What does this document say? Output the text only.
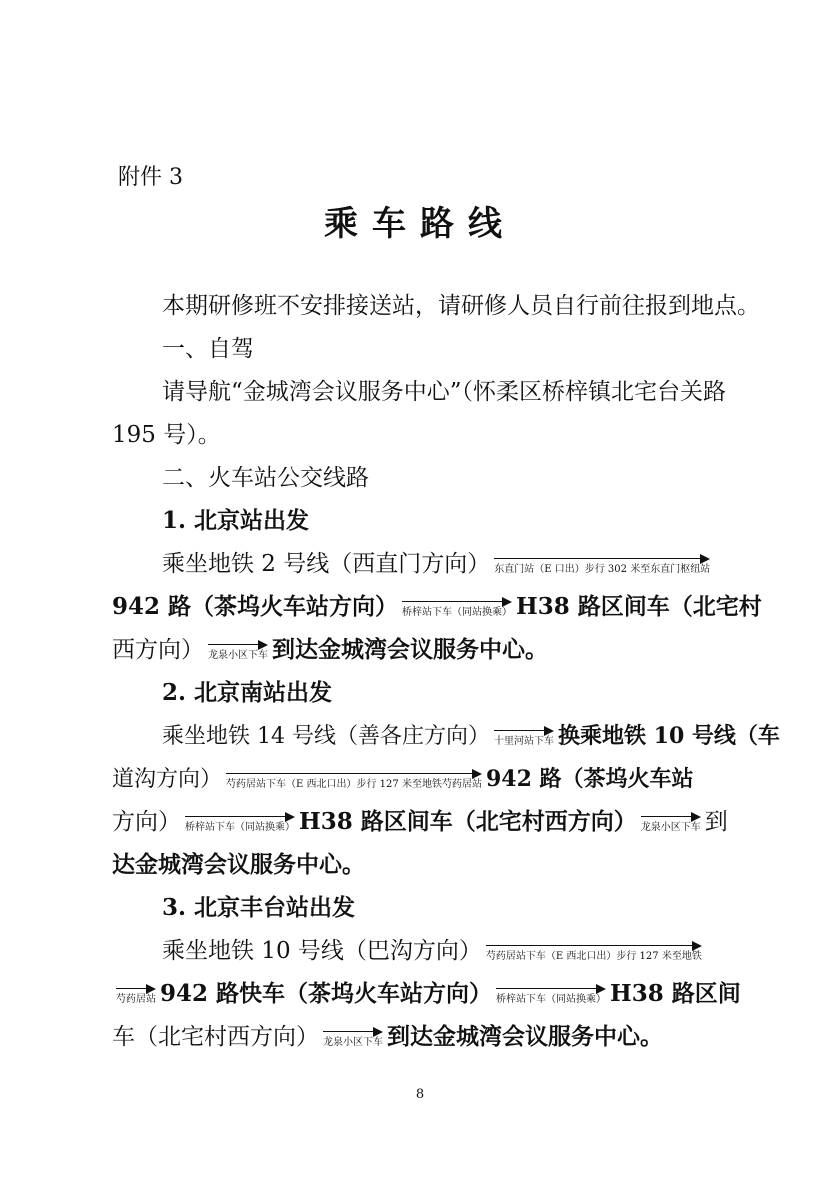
附件 3
乘车路线
本期研修班不安排接送站，请研修人员自行前往报到地点。
一、自驾
请导航“金城湾会议服务中心”（怀柔区桥梓镇北宅台关路
195 号）。
二、火车站公交线路
1. 北京站出发
乘坐地铁 2 号线（西直门方向） 东直门站（E 口出）步行 302 米至东直门枢纽站
942 路（茶坞火车站方向） 桥梓站下车（同站换乘） H38 路区间车（北宅村
西方向） 龙泉小区下车 到达金城湾会议服务中心。
2. 北京南站出发
乘坐地铁 14 号线（善各庄方向） 十里河站下车 换乘地铁 10 号线（车
道沟方向） 芍药居站下车（E 西北口出）步行 127 米至地铁芍药居站 942 路（茶坞火车站
方向） 桥梓站下车（同站换乘） H38 路区间车（北宅村西方向） 龙泉小区下车 到
达金城湾会议服务中心。
3. 北京丰台站出发
乘坐地铁 10 号线（巴沟方向） 芍药居站下车（E 西北口出）步行 127 米至地铁
芍药居站 942 路快车（茶坞火车站方向） 桥梓站下车（同站换乘） H38 路区间
车（北宅村西方向） 龙泉小区下车 到达金城湾会议服务中心。
8
